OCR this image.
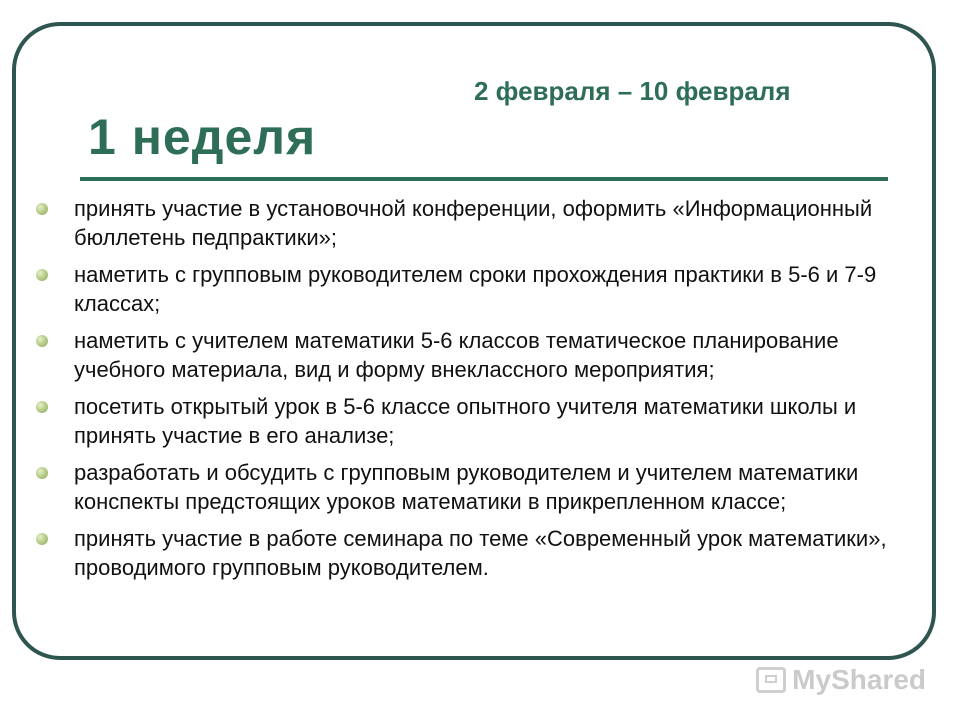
2 февраля – 10 февраля
1 неделя
принять участие в установочной конференции, оформить «Информационный бюллетень педпрактики»;
наметить с групповым руководителем сроки прохождения практики в 5-6 и 7-9 классах;
наметить с учителем математики 5-6 классов тематическое планирование учебного материала, вид и форму внеклассного мероприятия;
посетить открытый урок в 5-6 классе опытного учителя математики школы и принять участие в его анализе;
разработать и обсудить с групповым руководителем и учителем математики конспекты предстоящих уроков математики в прикрепленном классе;
принять участие в работе семинара по теме «Современный урок математики», проводимого групповым руководителем.
MyShared
